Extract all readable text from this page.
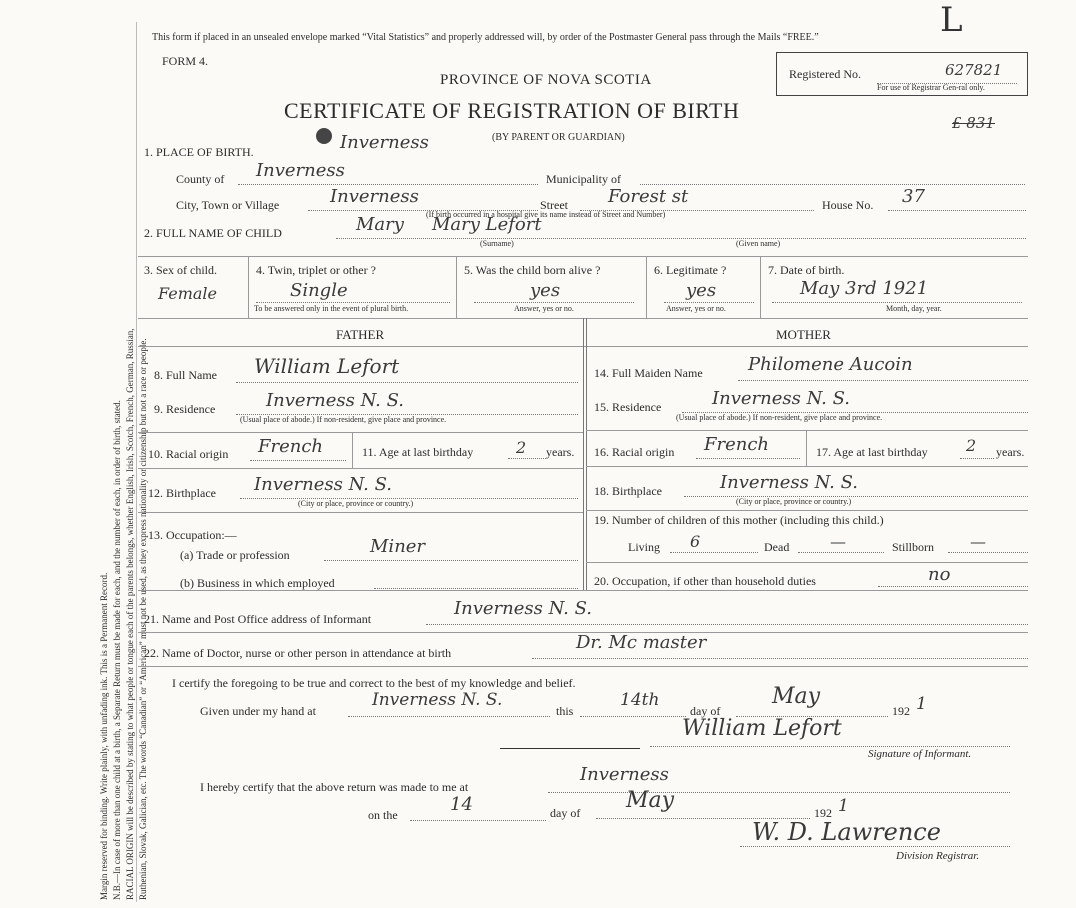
Margin reserved for binding. Write plainly, with unfading ink. This is a Permanent Record. N.B.—In case of more than one child at a birth, a Separate Return must be made for each, and the number of each, in order of birth, stated. RACIAL ORIGIN will be described by stating to what people or tongue each of the parents belongs, whether English, Irish, Scotch, French, German, Russian, Ruthenian, Slovak, Galician, etc. The words “Canadian” or “American” must not be used, as they express nationality or citizenship but not a race or people.
This form if placed in an unsealed envelope marked “Vital Statistics” and properly addressed will, by order of the Postmaster General pass through the Mails “FREE.”
FORM 4.
PROVINCE OF NOVA SCOTIA
CERTIFICATE OF REGISTRATION OF BIRTH
(BY PARENT OR GUARDIAN)
Registered No.	627821
For use of Registrar Gen-ral only.
L
£ 831
1. PLACE OF BIRTH.	Inverness
County of Inverness	Municipality of
City, Town or Village	Inverness	Street Forest st	House No. 37
(If birth occurred in a hospital give its name instead of Street and Number)
2. FULL NAME OF CHILD	Mary Mary Lefort
(Surname)	(Given name)
3. Sex of child.
Female
4. Twin, triplet or other ?
Single
To be answered only in the event of plural birth.
5. Was the child born alive ?
yes
Answer, yes or no.
6. Legitimate ?
yes
Answer, yes or no.
7. Date of birth.
May 3rd 1921
Month, day, year.
FATHER	MOTHER
8. Full Name William Lefort
9. Residence	Inverness N. S.
(Usual place of abode.) If non-resident, give place and province.
10. Racial origin French	11. Age at last birthday	2 years.
12. Birthplace Inverness N. S.
(City or place, province or country.)
13. Occupation:—
(a) Trade or profession	Miner
(b) Business in which employed
14. Full Maiden Name	Philomene Aucoin
15. Residence	Inverness N. S.
(Usual place of abode.) If non-resident, give place and province.
16. Racial origin French	17. Age at last birthday 2 years.
18. Birthplace	Inverness N. S.
(City or place, province or country.)
19. Number of children of this mother (including this child.)
Living 6	Dead	—	Stillborn —
20. Occupation, if other than household duties	no
21. Name and Post Office address of Informant	Inverness N. S.
22. Name of Doctor, nurse or other person in attendance at birth	Dr. Mc master
I certify the foregoing to be true and correct to the best of my knowledge and belief.
Given under my hand at
Inverness N. S.
this
14th
day of
May
192 1
William Lefort
Signature of Informant.
I hereby certify that the above return was made to me at
Inverness
on the	14	day of May	192 1
W. D. Lawrence
Division Registrar.
